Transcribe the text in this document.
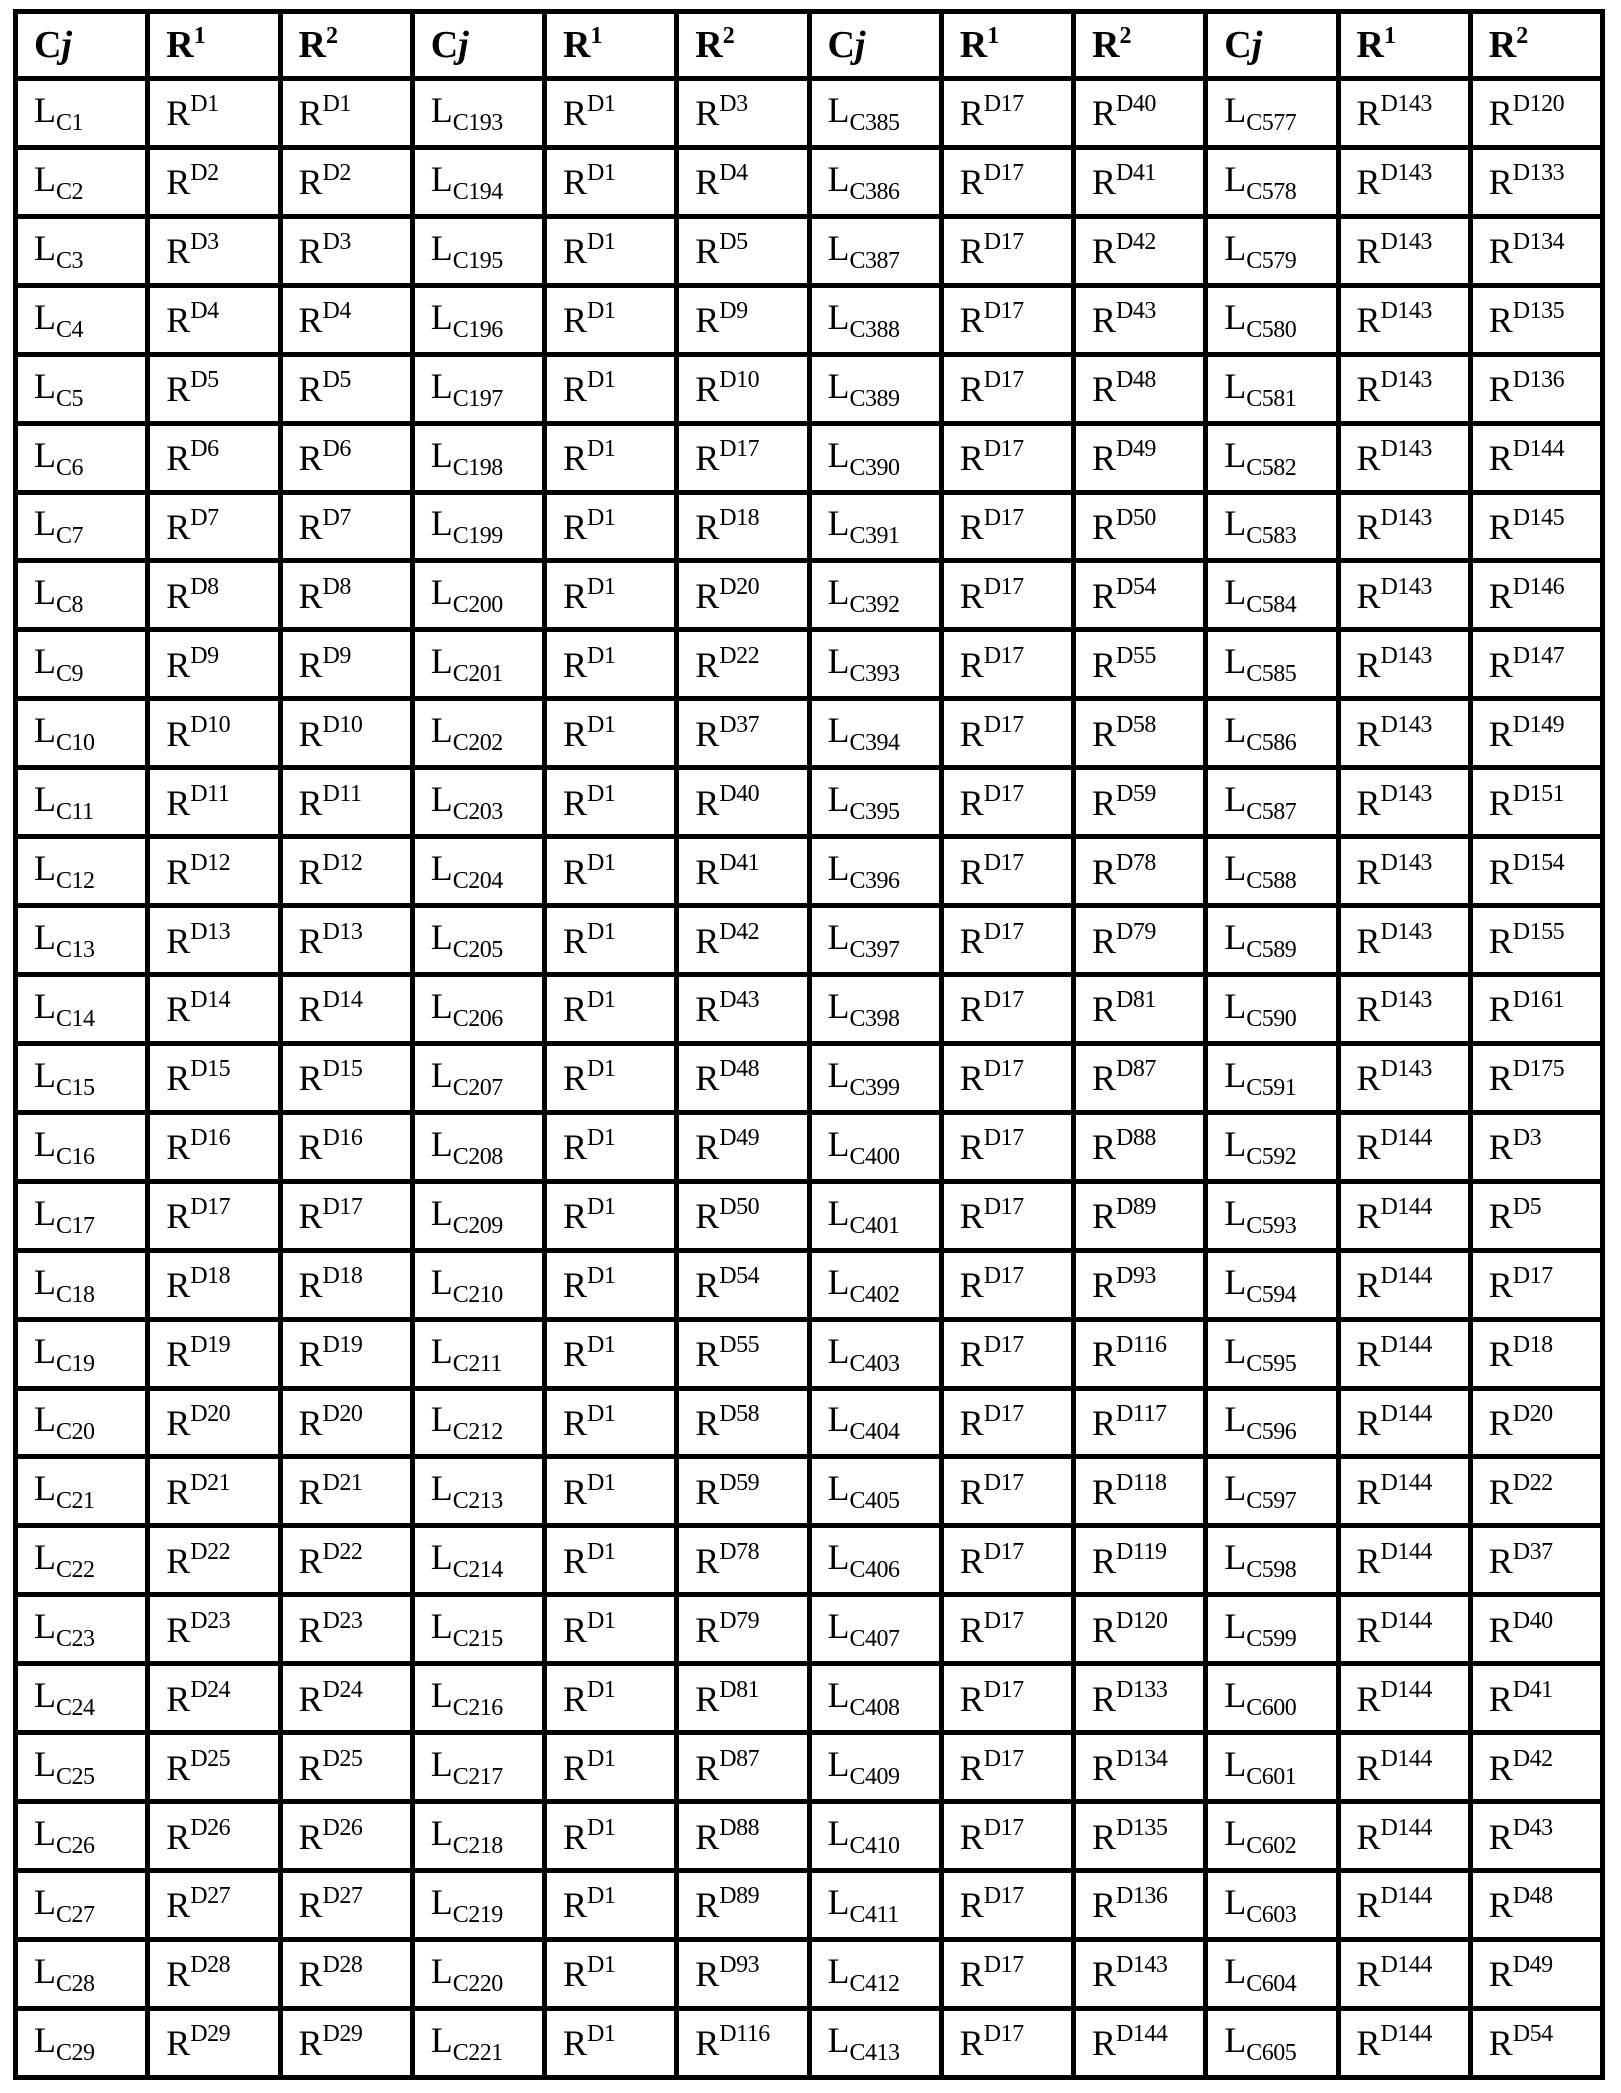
Cj	$R^1$	$R^2$	Cj	$R^1$	$R^2$	Cj	$R^1$	$R^2$	Cj	$R^1$	$R^2$
$L_{C1}$	$R^{D1}$	$R^{D1}$	$L_{C193}$	$R^{D1}$	$R^{D3}$	$L_{C385}$	$R^{D17}$	$R^{D40}$	$L_{C577}$	$R^{D143}$	$R^{D120}$
$L_{C2}$	$R^{D2}$	$R^{D2}$	$L_{C194}$	$R^{D1}$	$R^{D4}$	$L_{C386}$	$R^{D17}$	$R^{D41}$	$L_{C578}$	$R^{D143}$	$R^{D133}$
$L_{C3}$	$R^{D3}$	$R^{D3}$	$L_{C195}$	$R^{D1}$	$R^{D5}$	$L_{C387}$	$R^{D17}$	$R^{D42}$	$L_{C579}$	$R^{D143}$	$R^{D134}$
$L_{C4}$	$R^{D4}$	$R^{D4}$	$L_{C196}$	$R^{D1}$	$R^{D9}$	$L_{C388}$	$R^{D17}$	$R^{D43}$	$L_{C580}$	$R^{D143}$	$R^{D135}$
$L_{C5}$	$R^{D5}$	$R^{D5}$	$L_{C197}$	$R^{D1}$	$R^{D10}$	$L_{C389}$	$R^{D17}$	$R^{D48}$	$L_{C581}$	$R^{D143}$	$R^{D136}$
$L_{C6}$	$R^{D6}$	$R^{D6}$	$L_{C198}$	$R^{D1}$	$R^{D17}$	$L_{C390}$	$R^{D17}$	$R^{D49}$	$L_{C582}$	$R^{D143}$	$R^{D144}$
$L_{C7}$	$R^{D7}$	$R^{D7}$	$L_{C199}$	$R^{D1}$	$R^{D18}$	$L_{C391}$	$R^{D17}$	$R^{D50}$	$L_{C583}$	$R^{D143}$	$R^{D145}$
$L_{C8}$	$R^{D8}$	$R^{D8}$	$L_{C200}$	$R^{D1}$	$R^{D20}$	$L_{C392}$	$R^{D17}$	$R^{D54}$	$L_{C584}$	$R^{D143}$	$R^{D146}$
$L_{C9}$	$R^{D9}$	$R^{D9}$	$L_{C201}$	$R^{D1}$	$R^{D22}$	$L_{C393}$	$R^{D17}$	$R^{D55}$	$L_{C585}$	$R^{D143}$	$R^{D147}$
$L_{C10}$	$R^{D10}$	$R^{D10}$	$L_{C202}$	$R^{D1}$	$R^{D37}$	$L_{C394}$	$R^{D17}$	$R^{D58}$	$L_{C586}$	$R^{D143}$	$R^{D149}$
$L_{C11}$	$R^{D11}$	$R^{D11}$	$L_{C203}$	$R^{D1}$	$R^{D40}$	$L_{C395}$	$R^{D17}$	$R^{D59}$	$L_{C587}$	$R^{D143}$	$R^{D151}$
$L_{C12}$	$R^{D12}$	$R^{D12}$	$L_{C204}$	$R^{D1}$	$R^{D41}$	$L_{C396}$	$R^{D17}$	$R^{D78}$	$L_{C588}$	$R^{D143}$	$R^{D154}$
$L_{C13}$	$R^{D13}$	$R^{D13}$	$L_{C205}$	$R^{D1}$	$R^{D42}$	$L_{C397}$	$R^{D17}$	$R^{D79}$	$L_{C589}$	$R^{D143}$	$R^{D155}$
$L_{C14}$	$R^{D14}$	$R^{D14}$	$L_{C206}$	$R^{D1}$	$R^{D43}$	$L_{C398}$	$R^{D17}$	$R^{D81}$	$L_{C590}$	$R^{D143}$	$R^{D161}$
$L_{C15}$	$R^{D15}$	$R^{D15}$	$L_{C207}$	$R^{D1}$	$R^{D48}$	$L_{C399}$	$R^{D17}$	$R^{D87}$	$L_{C591}$	$R^{D143}$	$R^{D175}$
$L_{C16}$	$R^{D16}$	$R^{D16}$	$L_{C208}$	$R^{D1}$	$R^{D49}$	$L_{C400}$	$R^{D17}$	$R^{D88}$	$L_{C592}$	$R^{D144}$	$R^{D3}$
$L_{C17}$	$R^{D17}$	$R^{D17}$	$L_{C209}$	$R^{D1}$	$R^{D50}$	$L_{C401}$	$R^{D17}$	$R^{D89}$	$L_{C593}$	$R^{D144}$	$R^{D5}$
$L_{C18}$	$R^{D18}$	$R^{D18}$	$L_{C210}$	$R^{D1}$	$R^{D54}$	$L_{C402}$	$R^{D17}$	$R^{D93}$	$L_{C594}$	$R^{D144}$	$R^{D17}$
$L_{C19}$	$R^{D19}$	$R^{D19}$	$L_{C211}$	$R^{D1}$	$R^{D55}$	$L_{C403}$	$R^{D17}$	$R^{D116}$	$L_{C595}$	$R^{D144}$	$R^{D18}$
$L_{C20}$	$R^{D20}$	$R^{D20}$	$L_{C212}$	$R^{D1}$	$R^{D58}$	$L_{C404}$	$R^{D17}$	$R^{D117}$	$L_{C596}$	$R^{D144}$	$R^{D20}$
$L_{C21}$	$R^{D21}$	$R^{D21}$	$L_{C213}$	$R^{D1}$	$R^{D59}$	$L_{C405}$	$R^{D17}$	$R^{D118}$	$L_{C597}$	$R^{D144}$	$R^{D22}$
$L_{C22}$	$R^{D22}$	$R^{D22}$	$L_{C214}$	$R^{D1}$	$R^{D78}$	$L_{C406}$	$R^{D17}$	$R^{D119}$	$L_{C598}$	$R^{D144}$	$R^{D37}$
$L_{C23}$	$R^{D23}$	$R^{D23}$	$L_{C215}$	$R^{D1}$	$R^{D79}$	$L_{C407}$	$R^{D17}$	$R^{D120}$	$L_{C599}$	$R^{D144}$	$R^{D40}$
$L_{C24}$	$R^{D24}$	$R^{D24}$	$L_{C216}$	$R^{D1}$	$R^{D81}$	$L_{C408}$	$R^{D17}$	$R^{D133}$	$L_{C600}$	$R^{D144}$	$R^{D41}$
$L_{C25}$	$R^{D25}$	$R^{D25}$	$L_{C217}$	$R^{D1}$	$R^{D87}$	$L_{C409}$	$R^{D17}$	$R^{D134}$	$L_{C601}$	$R^{D144}$	$R^{D42}$
$L_{C26}$	$R^{D26}$	$R^{D26}$	$L_{C218}$	$R^{D1}$	$R^{D88}$	$L_{C410}$	$R^{D17}$	$R^{D135}$	$L_{C602}$	$R^{D144}$	$R^{D43}$
$L_{C27}$	$R^{D27}$	$R^{D27}$	$L_{C219}$	$R^{D1}$	$R^{D89}$	$L_{C411}$	$R^{D17}$	$R^{D136}$	$L_{C603}$	$R^{D144}$	$R^{D48}$
$L_{C28}$	$R^{D28}$	$R^{D28}$	$L_{C220}$	$R^{D1}$	$R^{D93}$	$L_{C412}$	$R^{D17}$	$R^{D143}$	$L_{C604}$	$R^{D144}$	$R^{D49}$
$L_{C29}$	$R^{D29}$	$R^{D29}$	$L_{C221}$	$R^{D1}$	$R^{D116}$	$L_{C413}$	$R^{D17}$	$R^{D144}$	$L_{C605}$	$R^{D144}$	$R^{D54}$
